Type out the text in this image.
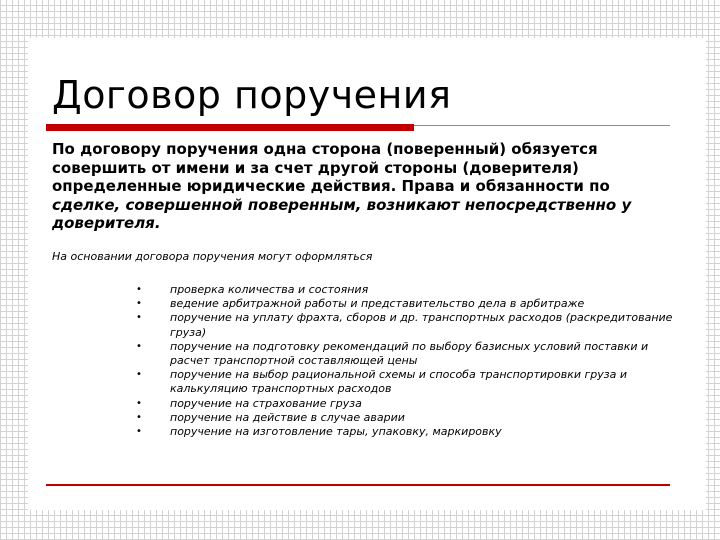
Договор поручения
По договору поручения одна сторона (поверенный) обязуется совершить от имени и за счет другой стороны (доверителя) определенные юридические действия. Права и обязанности по сделке, совершенной поверенным, возникают непосредственно у доверителя.
На основании договора поручения могут оформляться
•	проверка количества и состояния
•	ведение арбитражной работы и представительство дела в арбитраже
•	поручение на уплату фрахта, сборов и др. транспортных расходов (раскредитование груза)
•	поручение на подготовку рекомендаций по выбору базисных условий поставки и расчет транспортной составляющей цены
•	поручение на выбор рациональной схемы и способа транспортировки груза и калькуляцию транспортных расходов
•	поручение на страхование груза
•	поручение на действие в случае аварии
•	поручение на изготовление тары, упаковку, маркировку
